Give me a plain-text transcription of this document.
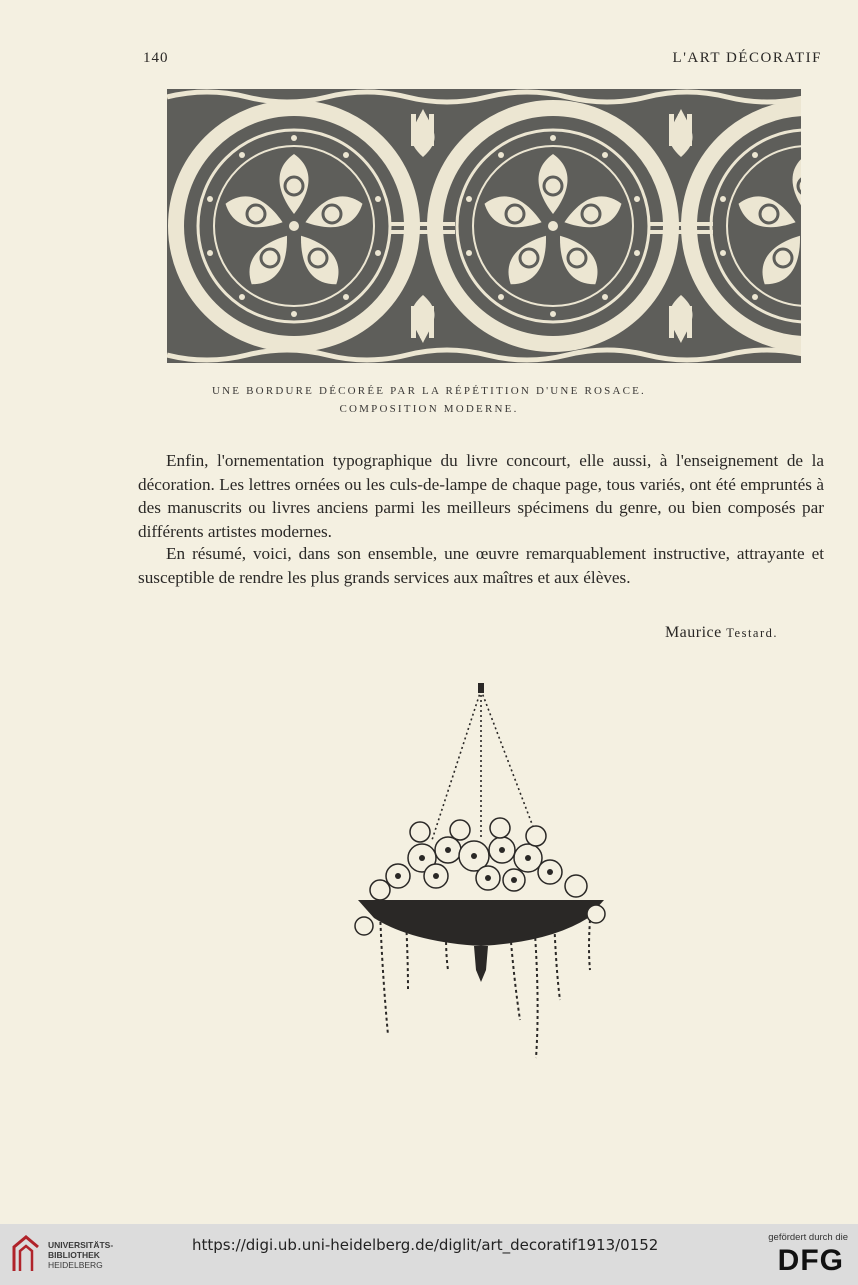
140	L'ART DÉCORATIF
UNE BORDURE DÉCORÉE PAR LA RÉPÉTITION D'UNE ROSACE.
COMPOSITION MODERNE.
Enfin, l'ornementation typographique du livre concourt, elle aussi, à l'enseignement de la décoration. Les lettres ornées ou les culs-de-lampe de chaque page, tous variés, ont été empruntés à des manuscrits ou livres anciens parmi les meilleurs spécimens du genre, ou bien composés par différents artistes modernes.
En résumé, voici, dans son ensemble, une œuvre remarquablement instructive, attrayante et susceptible de rendre les plus grands services aux maîtres et aux élèves.
Maurice Testard.
UNIVERSITÄTS-
BIBLIOTHEK
HEIDELBERG
https://digi.ub.uni-heidelberg.de/diglit/art_decoratif1913/0152	gefördert durch die
DFG
